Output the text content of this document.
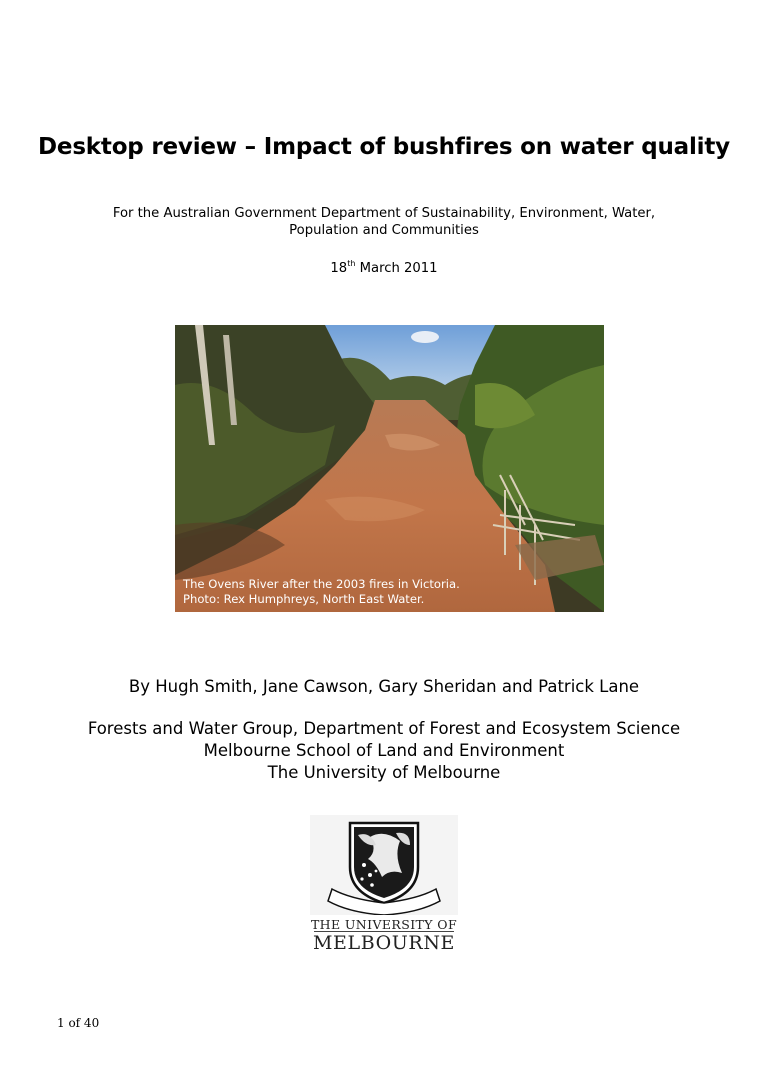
Desktop review – Impact of bushfires on water quality
For the Australian Government Department of Sustainability, Environment, Water,
Population and Communities
18th March 2011
The Ovens River after the 2003 fires in Victoria.
Photo: Rex Humphreys, North East Water.
By Hugh Smith, Jane Cawson, Gary Sheridan and Patrick Lane
Forests and Water Group, Department of Forest and Ecosystem Science
Melbourne School of Land and Environment
The University of Melbourne
THE UNIVERSITY OF
MELBOURNE
1 of 40
